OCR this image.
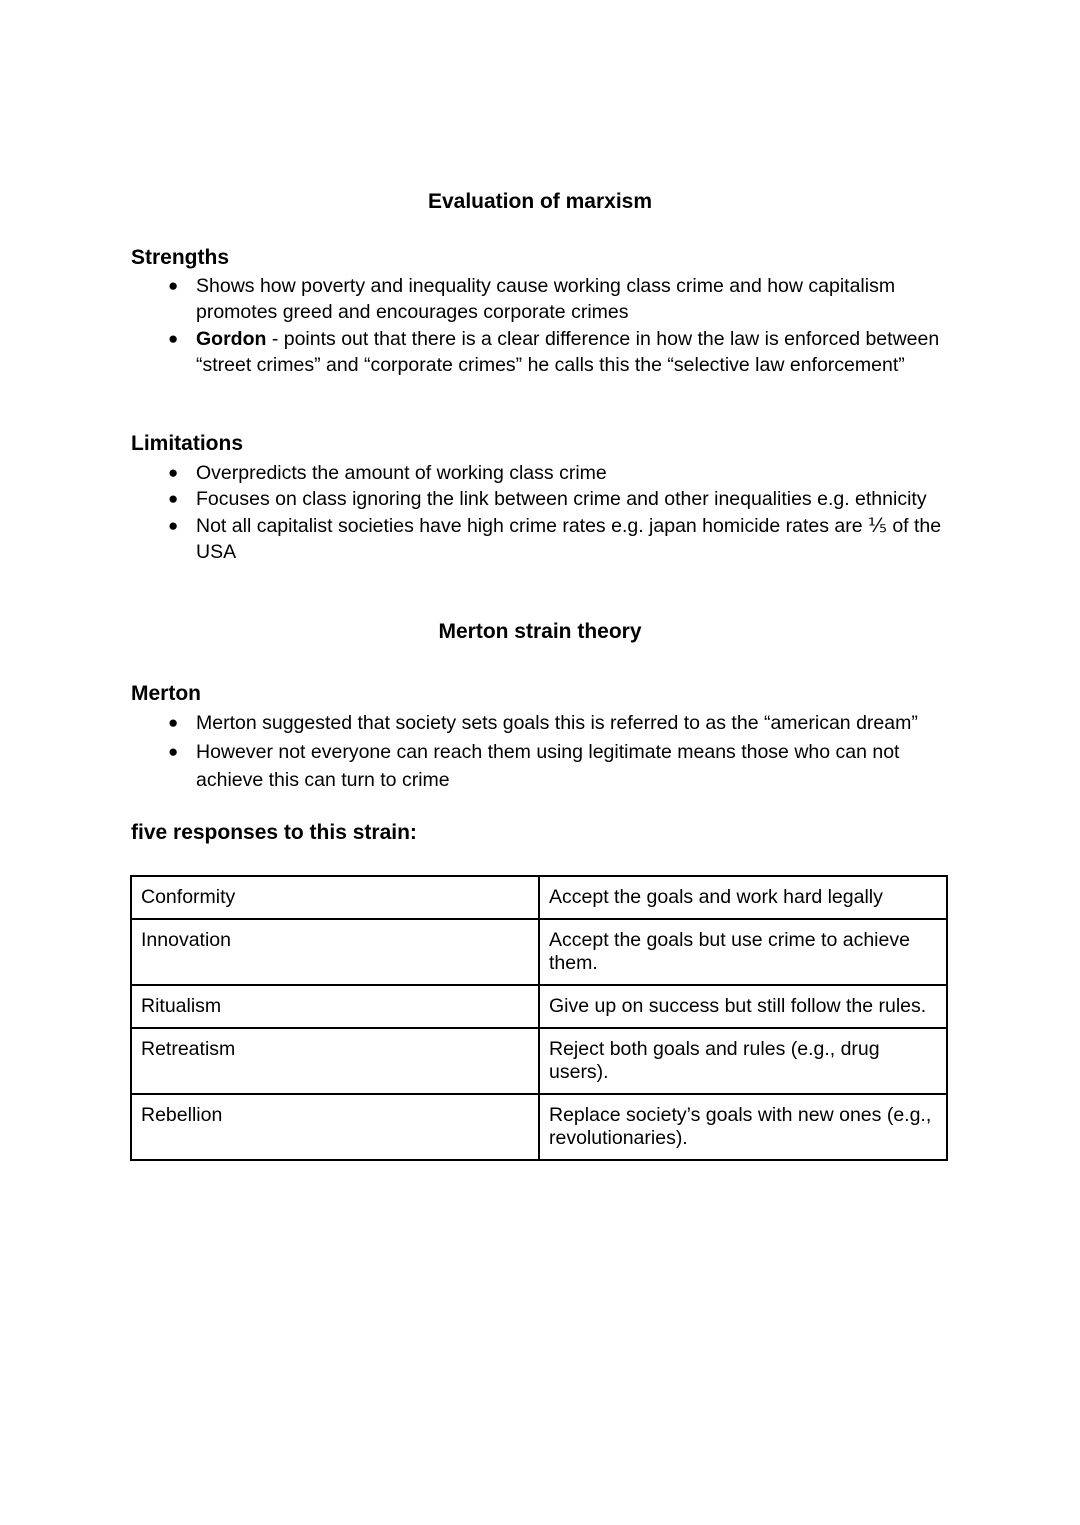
Evaluation of marxism
Strengths
● Shows how poverty and inequality cause working class crime and how capitalism promotes greed and encourages corporate crimes
● Gordon - points out that there is a clear difference in how the law is enforced between “street crimes” and “corporate crimes” he calls this the “selective law enforcement”
Limitations
● Overpredicts the amount of working class crime
● Focuses on class ignoring the link between crime and other inequalities e.g. ethnicity
● Not all capitalist societies have high crime rates e.g. japan homicide rates are ⅕ of the USA
Merton strain theory
Merton
● Merton suggested that society sets goals this is referred to as the “american dream”
● However not everyone can reach them using legitimate means those who can not achieve this can turn to crime
five responses to this strain:
Conformity	Accept the goals and work hard legally
Innovation	Accept the goals but use crime to achieve them.
Ritualism	Give up on success but still follow the rules.
Retreatism	Reject both goals and rules (e.g., drug users).
Rebellion	Replace society’s goals with new ones (e.g., revolutionaries).
